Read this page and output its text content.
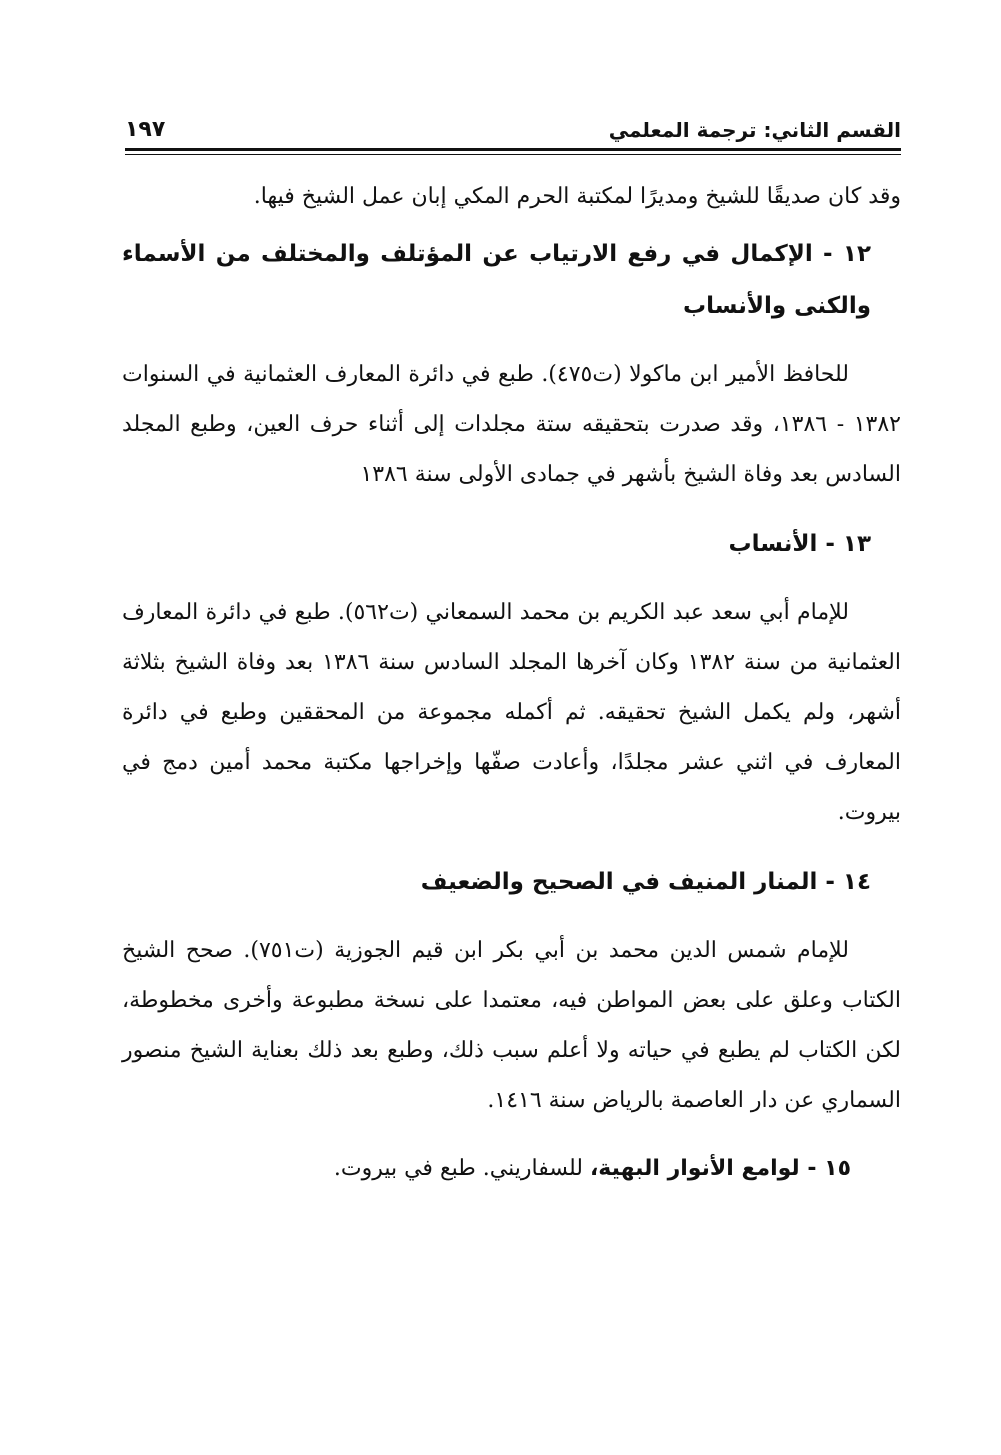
القسم الثاني: ترجمة المعلمي
١٩٧

وقد كان صديقًا للشيخ ومديرًا لمكتبة الحرم المكي إبان عمل الشيخ فيها.

١٢ - الإكمال في رفع الارتياب عن المؤتلف والمختلف من الأسماء والكنى والأنساب

للحافظ الأمير ابن ماكولا (ت٤٧٥). طبع في دائرة المعارف العثمانية في السنوات ١٣٨٢ - ١٣٨٦، وقد صدرت بتحقيقه ستة مجلدات إلى أثناء حرف العين، وطبع المجلد السادس بعد وفاة الشيخ بأشهر في جمادى الأولى سنة ١٣٨٦

١٣ - الأنساب

للإمام أبي سعد عبد الكريم بن محمد السمعاني (ت٥٦٢). طبع في دائرة المعارف العثمانية من سنة ١٣٨٢ وكان آخرها المجلد السادس سنة ١٣٨٦ بعد وفاة الشيخ بثلاثة أشهر، ولم يكمل الشيخ تحقيقه. ثم أكمله مجموعة من المحققين وطبع في دائرة المعارف في اثني عشر مجلدًا، وأعادت صفّها وإخراجها مكتبة محمد أمين دمج في بيروت.

١٤ - المنار المنيف في الصحيح والضعيف

للإمام شمس الدين محمد بن أبي بكر ابن قيم الجوزية (ت٧٥١). صحح الشيخ الكتاب وعلق على بعض المواطن فيه، معتمدا على نسخة مطبوعة وأخرى مخطوطة، لكن الكتاب لم يطبع في حياته ولا أعلم سبب ذلك، وطبع بعد ذلك بعناية الشيخ منصور السماري عن دار العاصمة بالرياض سنة ١٤١٦.

١٥ - لوامع الأنوار البهية، للسفاريني. طبع في بيروت.
